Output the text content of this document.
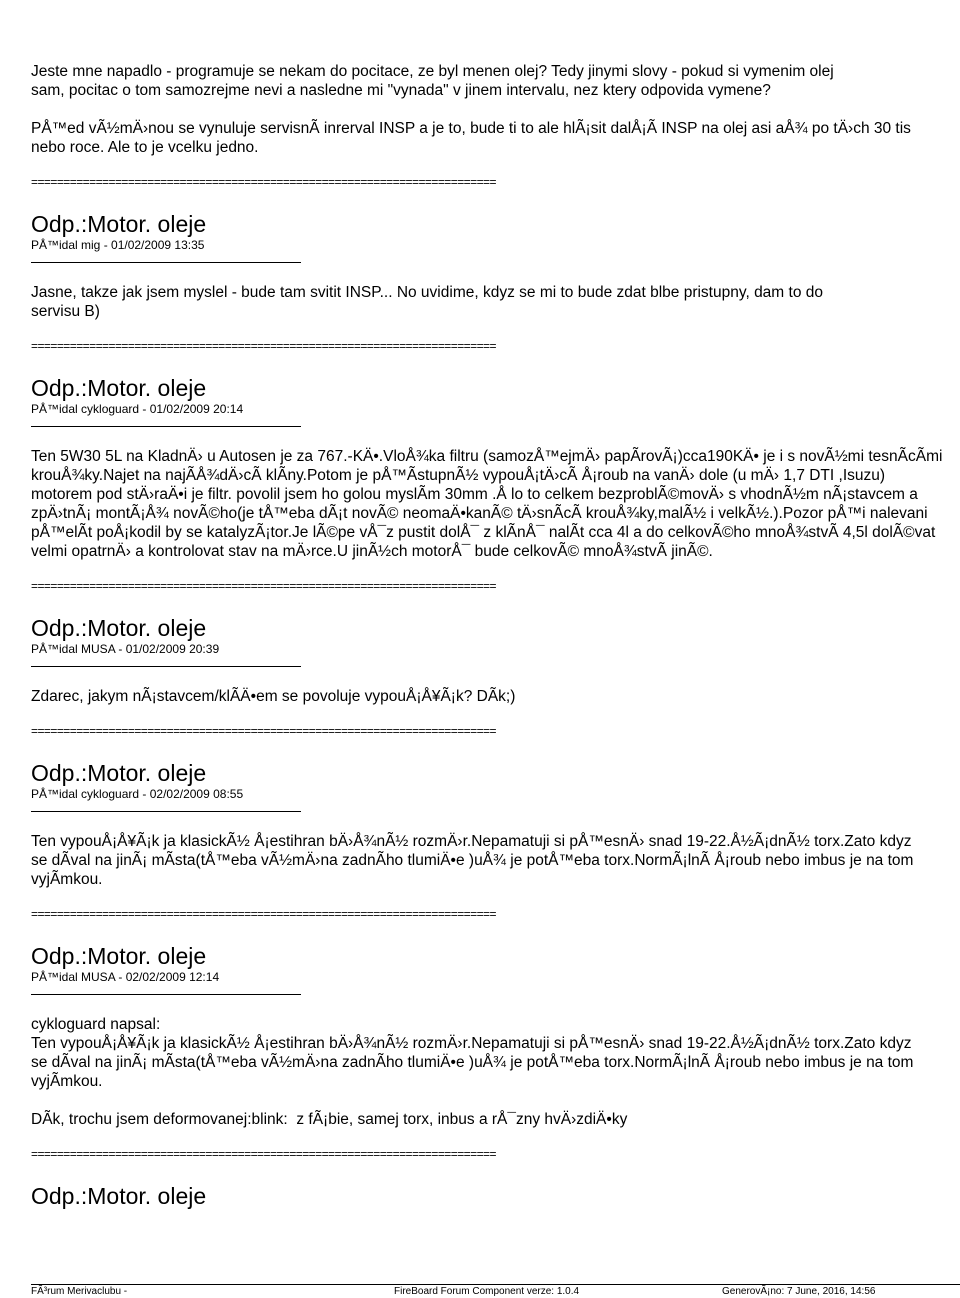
Jeste mne napadlo - programuje se nekam do pocitace, ze byl menen olej? Tedy jinymi slovy - pokud si vymenim olej
sam, pocitac o tom samozrejme nevi a nasledne mi "vynada" v jinem intervalu, nez ktery odpovida vymene?
PÅ™ed vÃ½mÄ›nou se vynuluje servisnÃ inrerval INSP a je to, bude ti to ale hlÃ¡sit dalÅ¡Ã INSP na olej asi aÅ¾ po tÄ›ch 30 tis
nebo roce. Ale to je vcelku jedno.
========================================================================
Odp.:Motor. oleje
PÅ™idal mig - 01/02/2009 13:35
Jasne, takze jak jsem myslel - bude tam svitit INSP... No uvidime, kdyz se mi to bude zdat blbe pristupny, dam to do
servisu B)
========================================================================
Odp.:Motor. oleje
PÅ™idal cykloguard - 01/02/2009 20:14
Ten 5W30 5L na KladnÄ› u Autosen je za 767.-KÄ•.VloÅ¾ka filtru (samozÅ™ejmÄ› papÃrovÃ¡)cca190KÄ• je i s novÃ½mi tesnÃcÃmi
krouÅ¾ky.Najet na najÃÅ¾dÄ›cÃ klÃny.Potom je pÅ™ÃstupnÃ½ vypouÅ¡tÄ›cÃ Å¡roub na vanÄ› dole (u mÄ› 1,7 DTI ,Isuzu)
motorem pod stÄ›raÄ•i je filtr. povolil jsem ho golou myslÃm 30mm .Å lo to celkem bezproblÃ©movÄ› s vhodnÃ½m nÃ¡stavcem a
zpÄ›tnÃ¡ montÃ¡Å¾ novÃ©ho(je tÅ™eba dÃ¡t novÃ© neomaÄ•kanÃ© tÄ›snÃcÃ krouÅ¾ky,malÃ½ i velkÃ½.).Pozor pÅ™i nalevani
pÅ™elÃt poÅ¡kodil by se katalyzÃ¡tor.Je lÃ©pe vÅ¯z pustit dolÅ¯ z klÃnÅ¯ nalÃt cca 4l a do celkovÃ©ho mnoÅ¾stvÃ 4,5l dolÃ©vat
velmi opatrnÄ› a kontrolovat stav na mÄ›rce.U jinÃ½ch motorÅ¯ bude celkovÃ© mnoÅ¾stvÃ jinÃ©.
========================================================================
Odp.:Motor. oleje
PÅ™idal MUSA - 01/02/2009 20:39
Zdarec, jakym nÃ¡stavcem/klÃÄ•em se povoluje vypouÅ¡Å¥Ã¡k? DÃk;)
========================================================================
Odp.:Motor. oleje
PÅ™idal cykloguard - 02/02/2009 08:55
Ten vypouÅ¡Å¥Ã¡k ja klasickÃ½ Å¡estihran bÄ›Å¾nÃ½ rozmÄ›r.Nepamatuji si pÅ™esnÄ› snad 19-22.Å½Ã¡dnÃ½ torx.Zato kdyz
se dÃval na jinÃ¡ mÃsta(tÅ™eba vÃ½mÄ›na zadnÃho tlumiÄ•e )uÅ¾ je potÅ™eba torx.NormÃ¡lnÃ Å¡roub nebo imbus je na tom
vyjÃmkou.
========================================================================
Odp.:Motor. oleje
PÅ™idal MUSA - 02/02/2009 12:14
cykloguard napsal:
Ten vypouÅ¡Å¥Ã¡k ja klasickÃ½ Å¡estihran bÄ›Å¾nÃ½ rozmÄ›r.Nepamatuji si pÅ™esnÄ› snad 19-22.Å½Ã¡dnÃ½ torx.Zato kdyz
se dÃval na jinÃ¡ mÃsta(tÅ™eba vÃ½mÄ›na zadnÃho tlumiÄ•e )uÅ¾ je potÅ™eba torx.NormÃ¡lnÃ Å¡roub nebo imbus je na tom
vyjÃmkou.
DÃk, trochu jsem deformovanej:blink:  z fÃ¡bie, samej torx, inbus a rÅ¯zny hvÄ›zdiÄ•ky
========================================================================
Odp.:Motor. oleje
FÃ³rum Merivaclubu -	FireBoard Forum Component verze: 1.0.4	GenerovÃ¡no: 7 June, 2016, 14:56
